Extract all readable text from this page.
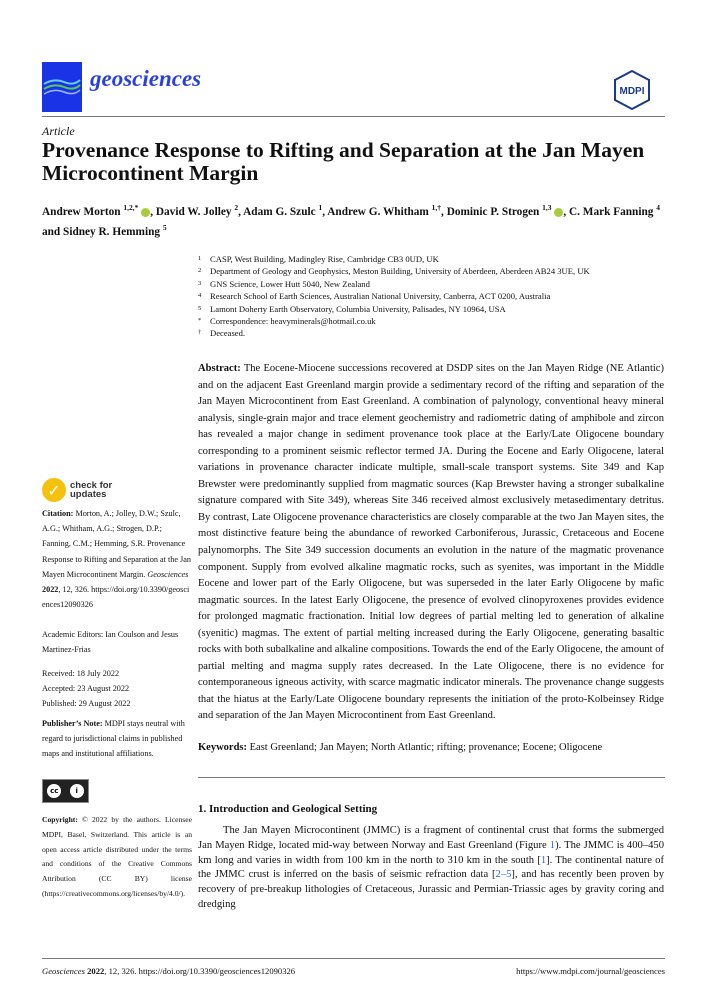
geosciences
MDPI
Article
Provenance Response to Rifting and Separation at the Jan Mayen Microcontinent Margin
Andrew Morton $^{1,2,*}$ , David W. Jolley $^2$, Adam G. Szulc $^1$, Andrew G. Whitham $^{1,\dagger}$, Dominic P. Strogen $^{1,3}$ , C. Mark Fanning $^4$ and Sidney R. Hemming $^5$
1	CASP, West Building, Madingley Rise, Cambridge CB3 0UD, UK
2	Department of Geology and Geophysics, Meston Building, University of Aberdeen, Aberdeen AB24 3UE, UK
3	GNS Science, Lower Hutt 5040, New Zealand
4	Research School of Earth Sciences, Australian National University, Canberra, ACT 0200, Australia
5	Lamont Doherty Earth Observatory, Columbia University, Palisades, NY 10964, USA
*	Correspondence: heavyminerals@hotmail.co.uk
†	Deceased.
Abstract: The Eocene-Miocene successions recovered at DSDP sites on the Jan Mayen Ridge (NE Atlantic) and on the adjacent East Greenland margin provide a sedimentary record of the rifting and separation of the Jan Mayen Microcontinent from East Greenland. A combination of palynology, conventional heavy mineral analysis, single-grain major and trace element geochemistry and radiometric dating of amphibole and zircon has revealed a major change in sediment provenance took place at the Early/Late Oligocene boundary corresponding to a prominent seismic reflector termed JA. During the Eocene and Early Oligocene, lateral variations in provenance character indicate multiple, small-scale transport systems. Site 349 and Kap Brewster were predominantly supplied from magmatic sources (Kap Brewster having a stronger subalkaline signature compared with Site 349), whereas Site 346 received almost exclusively metasedimentary detritus. By contrast, Late Oligocene provenance characteristics are closely comparable at the two Jan Mayen sites, the most distinctive feature being the abundance of reworked Carboniferous, Jurassic, Cretaceous and Eocene palynomorphs. The Site 349 succession documents an evolution in the nature of the magmatic provenance component. Supply from evolved alkaline magmatic rocks, such as syenites, was important in the Middle Eocene and lower part of the Early Oligocene, but was superseded in the later Early Oligocene by mafic magmatic sources. In the latest Early Oligocene, the presence of evolved clinopyroxenes provides evidence for prolonged magmatic fractionation. Initial low degrees of partial melting led to generation of alkaline (syenitic) magmas. The extent of partial melting increased during the Early Oligocene, generating basaltic rocks with both subalkaline and alkaline compositions. Towards the end of the Early Oligocene, the amount of partial melting and magma supply rates decreased. In the Late Oligocene, there is no evidence for contemporaneous igneous activity, with scarce magmatic indicator minerals. The provenance change suggests that the hiatus at the Early/Late Oligocene boundary represents the initiation of the proto-Kolbeinsey Ridge and separation of the Jan Mayen Microcontinent from East Greenland.
Keywords: East Greenland; Jan Mayen; North Atlantic; rifting; provenance; Eocene; Oligocene
1. Introduction and Geological Setting
The Jan Mayen Microcontinent (JMMC) is a fragment of continental crust that forms the submerged Jan Mayen Ridge, located mid-way between Norway and East Greenland (Figure 1). The JMMC is 400–450 km long and varies in width from 100 km in the north to 310 km in the south [1]. The continental nature of the JMMC crust is inferred on the basis of seismic refraction data [2–5], and has recently been proven by recovery of pre-breakup lithologies of Cretaceous, Jurassic and Permian-Triassic ages by gravity coring and dredging
✓ check for
updates
Citation: Morton, A.; Jolley, D.W.; Szulc, A.G.; Whitham, A.G.; Strogen, D.P.; Fanning, C.M.; Hemming, S.R. Provenance Response to Rifting and Separation at the Jan Mayen Microcontinent Margin. Geosciences 2022, 12, 326. https://doi.org/10.3390/geosciences12090326
Academic Editors: Ian Coulson and Jesus Martinez-Frias
Received: 18 July 2022
Accepted: 23 August 2022
Published: 29 August 2022
Publisher’s Note: MDPI stays neutral with regard to jurisdictional claims in published maps and institutional affiliations.
cc	i
Copyright: © 2022 by the authors. Licensee MDPI, Basel, Switzerland. This article is an open access article distributed under the terms and conditions of the Creative Commons Attribution (CC BY) license (https://creativecommons.org/licenses/by/4.0/).
Geosciences 2022, 12, 326. https://doi.org/10.3390/geosciences12090326	https://www.mdpi.com/journal/geosciences
